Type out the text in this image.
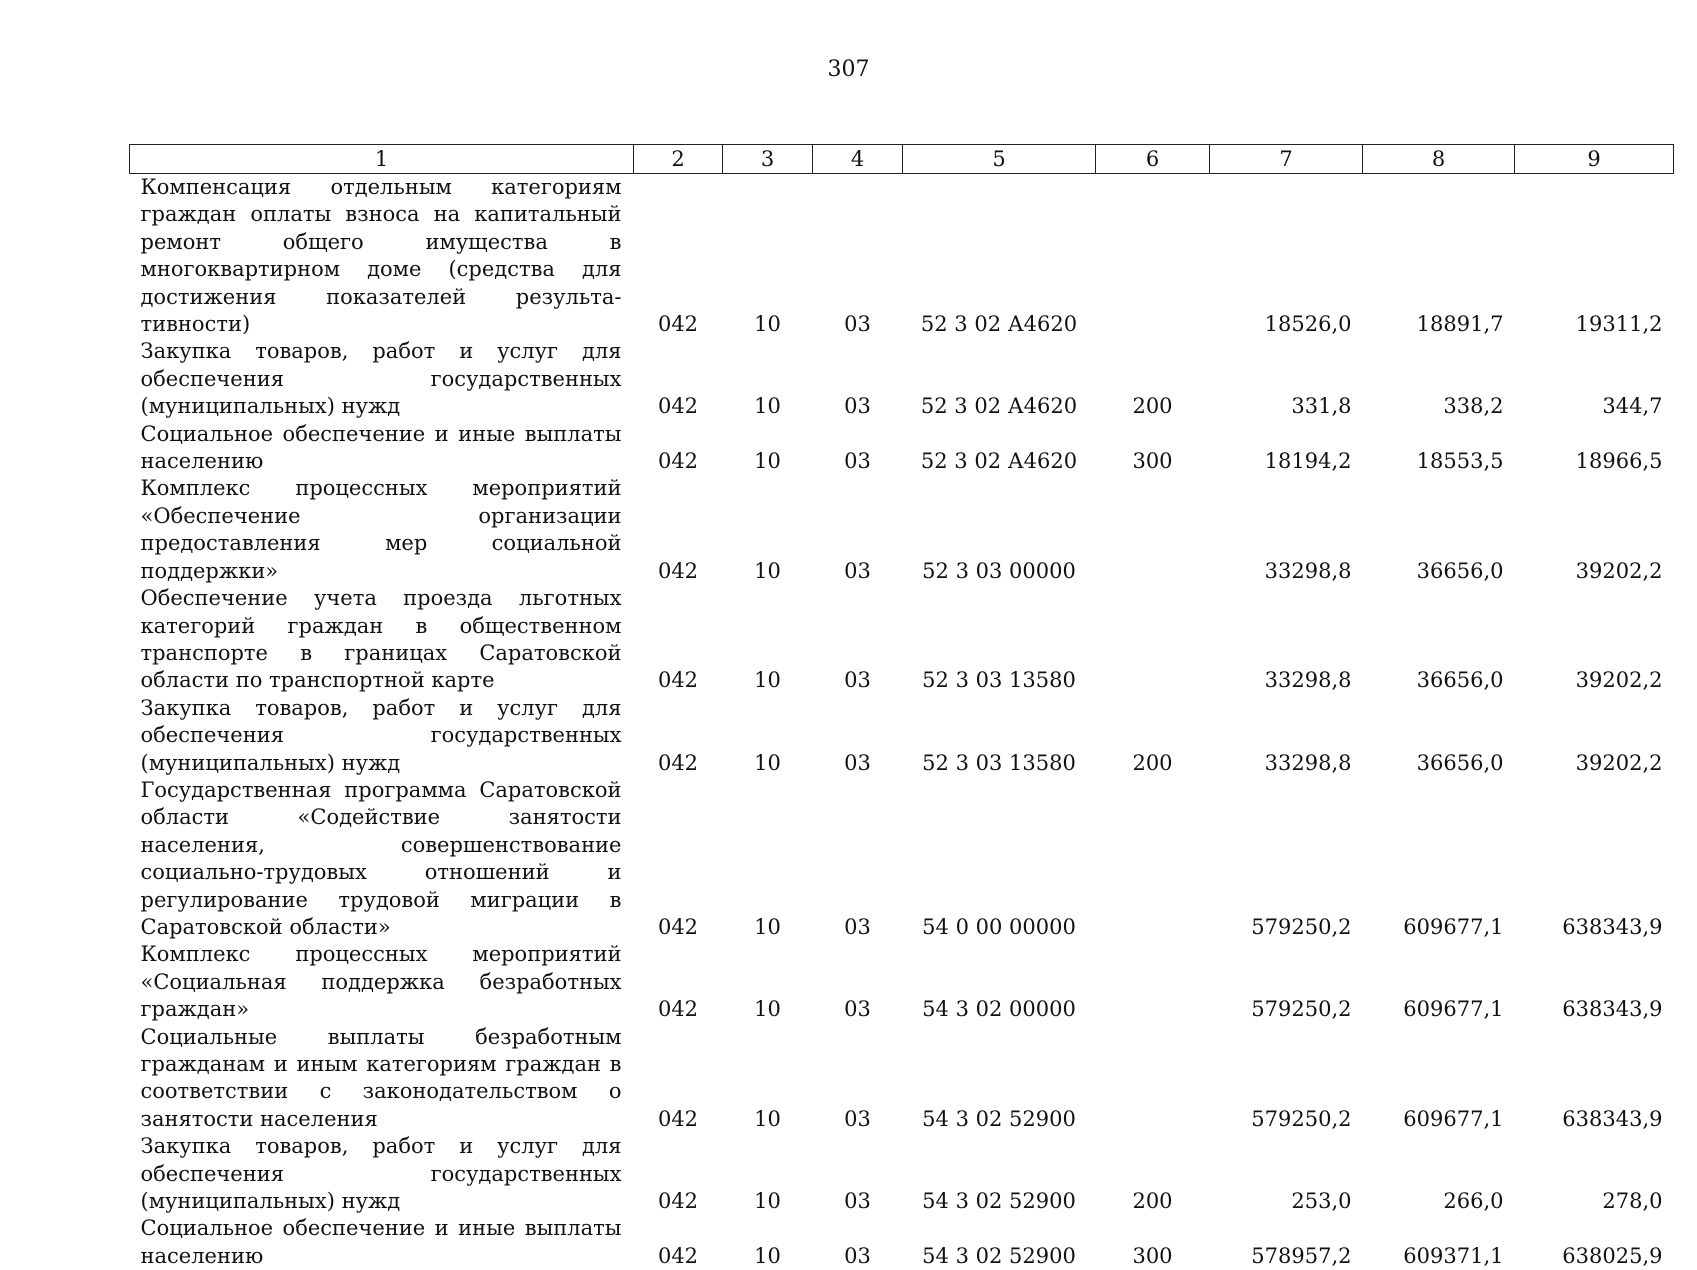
307
1	2	3	4	5	6	7	8	9
Компенсация отдельным категориям граждан оплаты взноса на капитальный ремонт общего имущества в многоквартирном доме (средства для достижения показателей результативности)	042	10	03	52 3 02 А4620		18526,0	18891,7	19311,2
Закупка товаров, работ и услуг для обеспечения государственных (муниципальных) нужд	042	10	03	52 3 02 А4620	200	331,8	338,2	344,7
Социальное обеспечение и иные выплаты населению	042	10	03	52 3 02 А4620	300	18194,2	18553,5	18966,5
Комплекс процессных мероприятий «Обеспечение организации предоставления мер социальной поддержки»	042	10	03	52 3 03 00000		33298,8	36656,0	39202,2
Обеспечение учета проезда льготных категорий граждан в общественном транспорте в границах Саратовской области по транспортной карте	042	10	03	52 3 03 13580		33298,8	36656,0	39202,2
Закупка товаров, работ и услуг для обеспечения государственных (муниципальных) нужд	042	10	03	52 3 03 13580	200	33298,8	36656,0	39202,2
Государственная программа Саратовской области «Содействие занятости населения, совершенствование социально-трудовых отношений и регулирование трудовой миграции в Саратовской области»	042	10	03	54 0 00 00000		579250,2	609677,1	638343,9
Комплекс процессных мероприятий «Социальная поддержка безработных граждан»	042	10	03	54 3 02 00000		579250,2	609677,1	638343,9
Социальные выплаты безработным гражданам и иным категориям граждан в соответствии с законодательством о занятости населения	042	10	03	54 3 02 52900		579250,2	609677,1	638343,9
Закупка товаров, работ и услуг для обеспечения государственных (муниципальных) нужд	042	10	03	54 3 02 52900	200	253,0	266,0	278,0
Социальное обеспечение и иные выплаты населению	042	10	03	54 3 02 52900	300	578957,2	609371,1	638025,9
